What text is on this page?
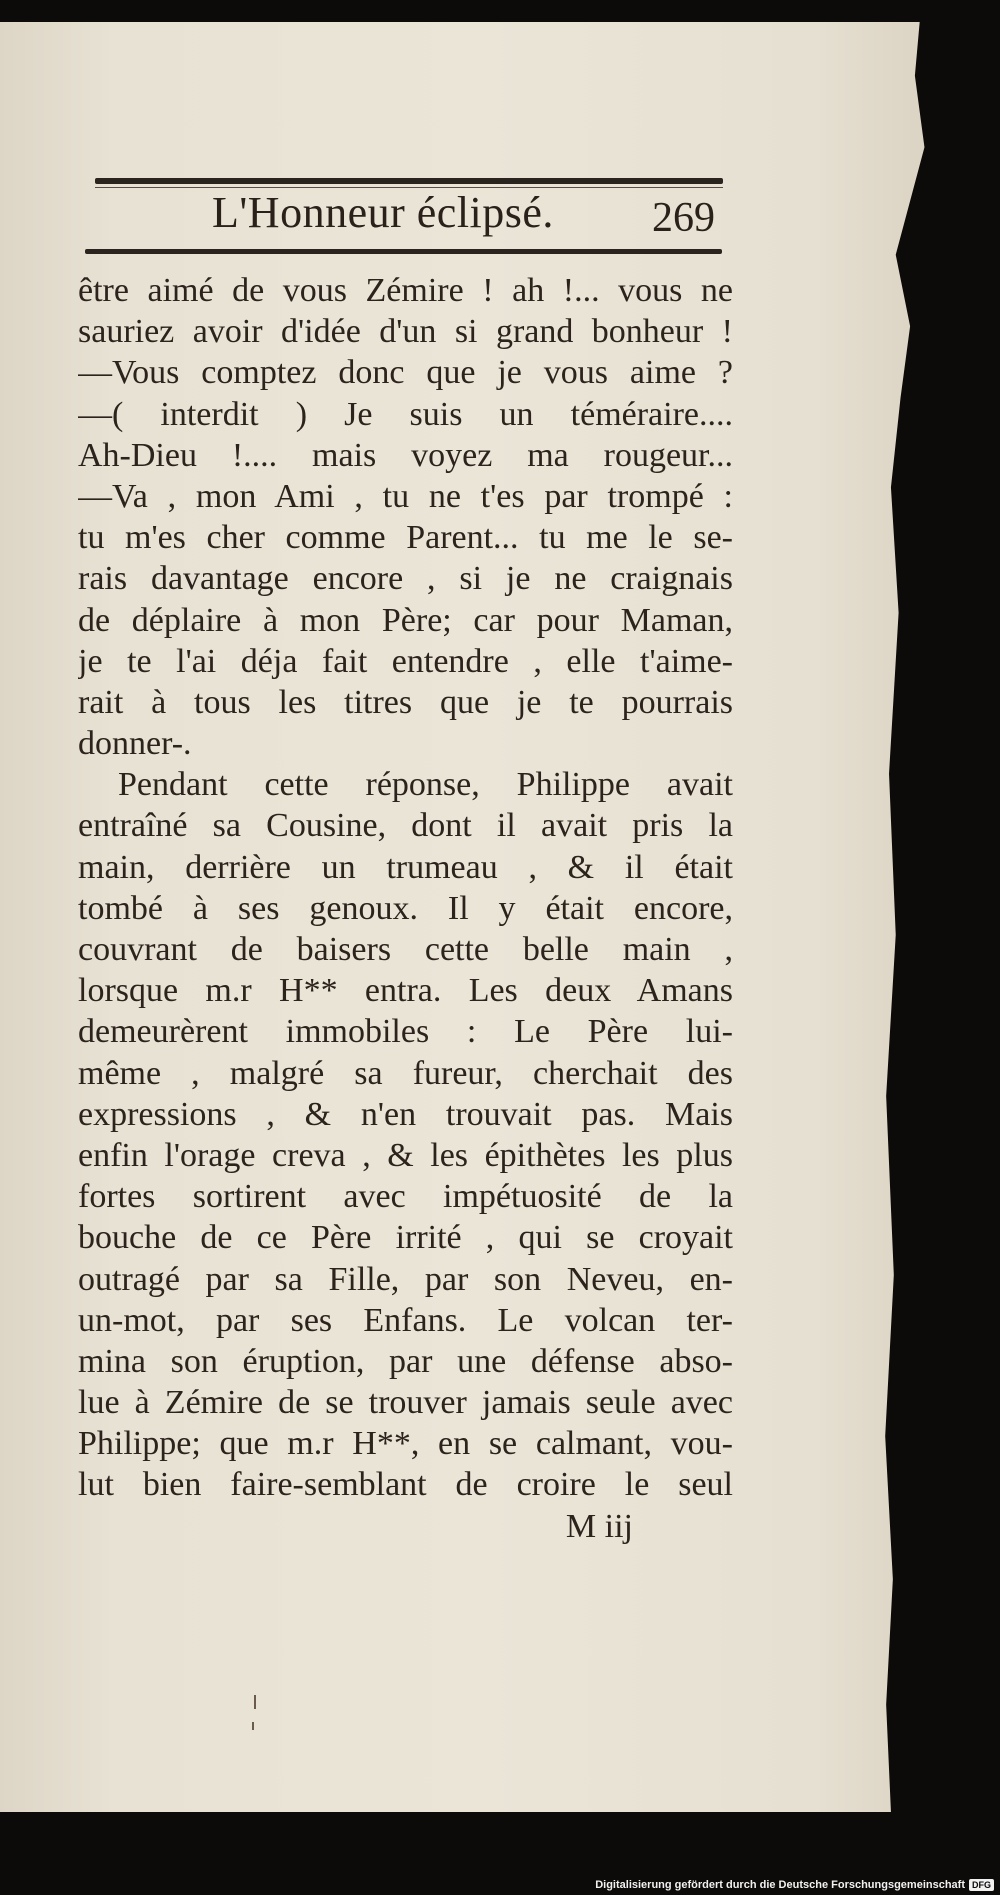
L'Honneur éclipsé. 269
être aimé de vous Zémire ! ah !... vous ne
sauriez avoir d'idée d'un si grand bonheur !
—Vous comptez donc que je vous aime ?
—( interdit ) Je suis un téméraire....
Ah-Dieu !.... mais voyez ma rougeur...
—Va , mon Ami , tu ne t'es par trompé :
tu m'es cher comme Parent... tu me le se-
rais davantage encore , si je ne craignais
de déplaire à mon Père; car pour Maman,
je te l'ai déja fait entendre , elle t'aime-
rait à tous les titres que je te pourrais
donner-.
Pendant cette réponse, Philippe avait
entraîné sa Cousine, dont il avait pris la
main, derrière un trumeau , & il était
tombé à ses genoux. Il y était encore,
couvrant de baisers cette belle main ,
lorsque m.r H** entra. Les deux Amans
demeurèrent immobiles : Le Père lui-
même , malgré sa fureur, cherchait des
expressions , & n'en trouvait pas. Mais
enfin l'orage creva , & les épithètes les plus
fortes sortirent avec impétuosité de la
bouche de ce Père irrité , qui se croyait
outragé par sa Fille, par son Neveu, en-
un-mot, par ses Enfans. Le volcan ter-
mina son éruption, par une défense abso-
lue à Zémire de se trouver jamais seule avec
Philippe; que m.r H**, en se calmant, vou-
lut bien faire-semblant de croire le seul
M iij
Digitalisierung gefördert durch die Deutsche Forschungsgemeinschaft DFG
